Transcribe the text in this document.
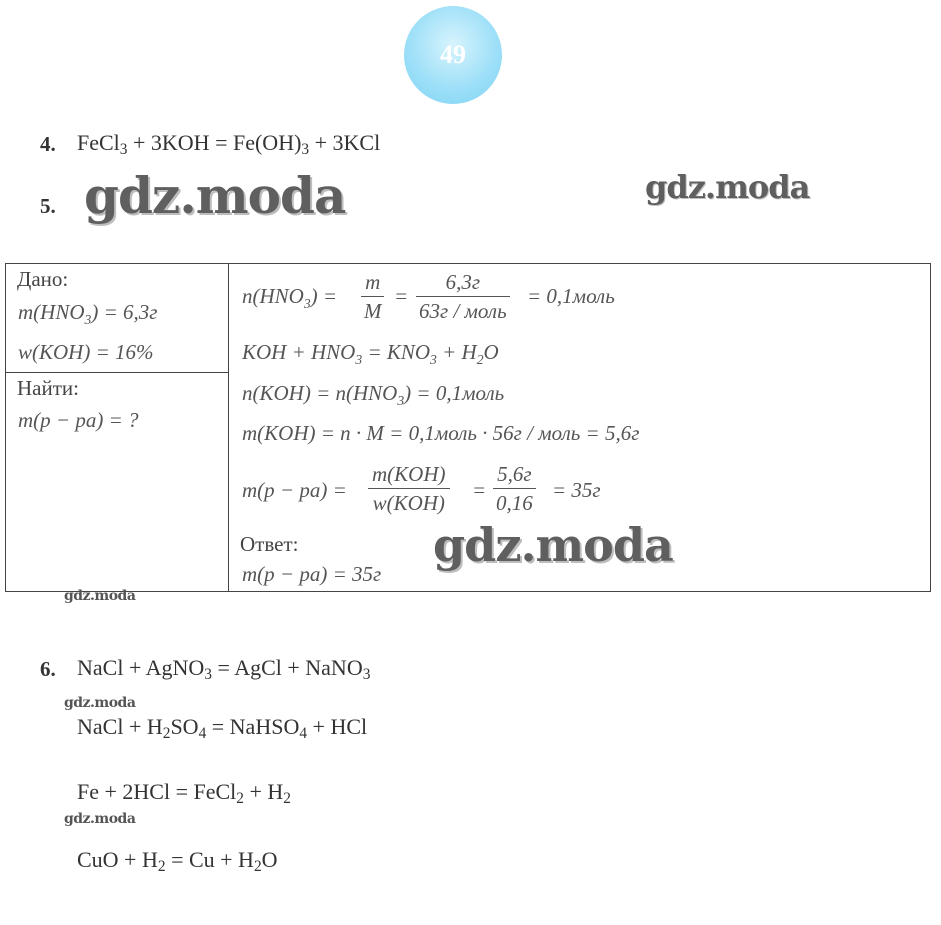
49
4. FeCl$_3$ + $3KOH = Fe(OH)_3 + 3KCl$
5. gdz.moda	gdz.moda
Дано:
$m(HNO_3) = 6,3г$
w(KOH) = 16%
Найти:
m(p − pa) = ?
$n(HNO_3) = \frac{m}{M}$ =
6,3г
63г / моль
= 0,1моль
KOH + $HNO_3 = KNO_3 + H_2O$
$n(KOH) = n(HNO_3)$ = 0,1моль
m(KOH) = n · M = 0,1моль · 56г / моль = 5,6г
m(p − pa) =
m(KOH)
w(KOH)
=
5,6г
0,16
= 35г
Ответ:
m(p − pa) = 35г
gdz.moda
gdz.moda
6. NaCl + AgNO$_3$ = AgCl + NaNO$_3$
gdz.moda
NaCl + $H_2SO_4$ = NaHSO$_4$ + HCl
Fe + 2HCl = FeCl$_2$ + $H_2$
gdz.moda
CuO + $H_2 = Cu + H_2O$
